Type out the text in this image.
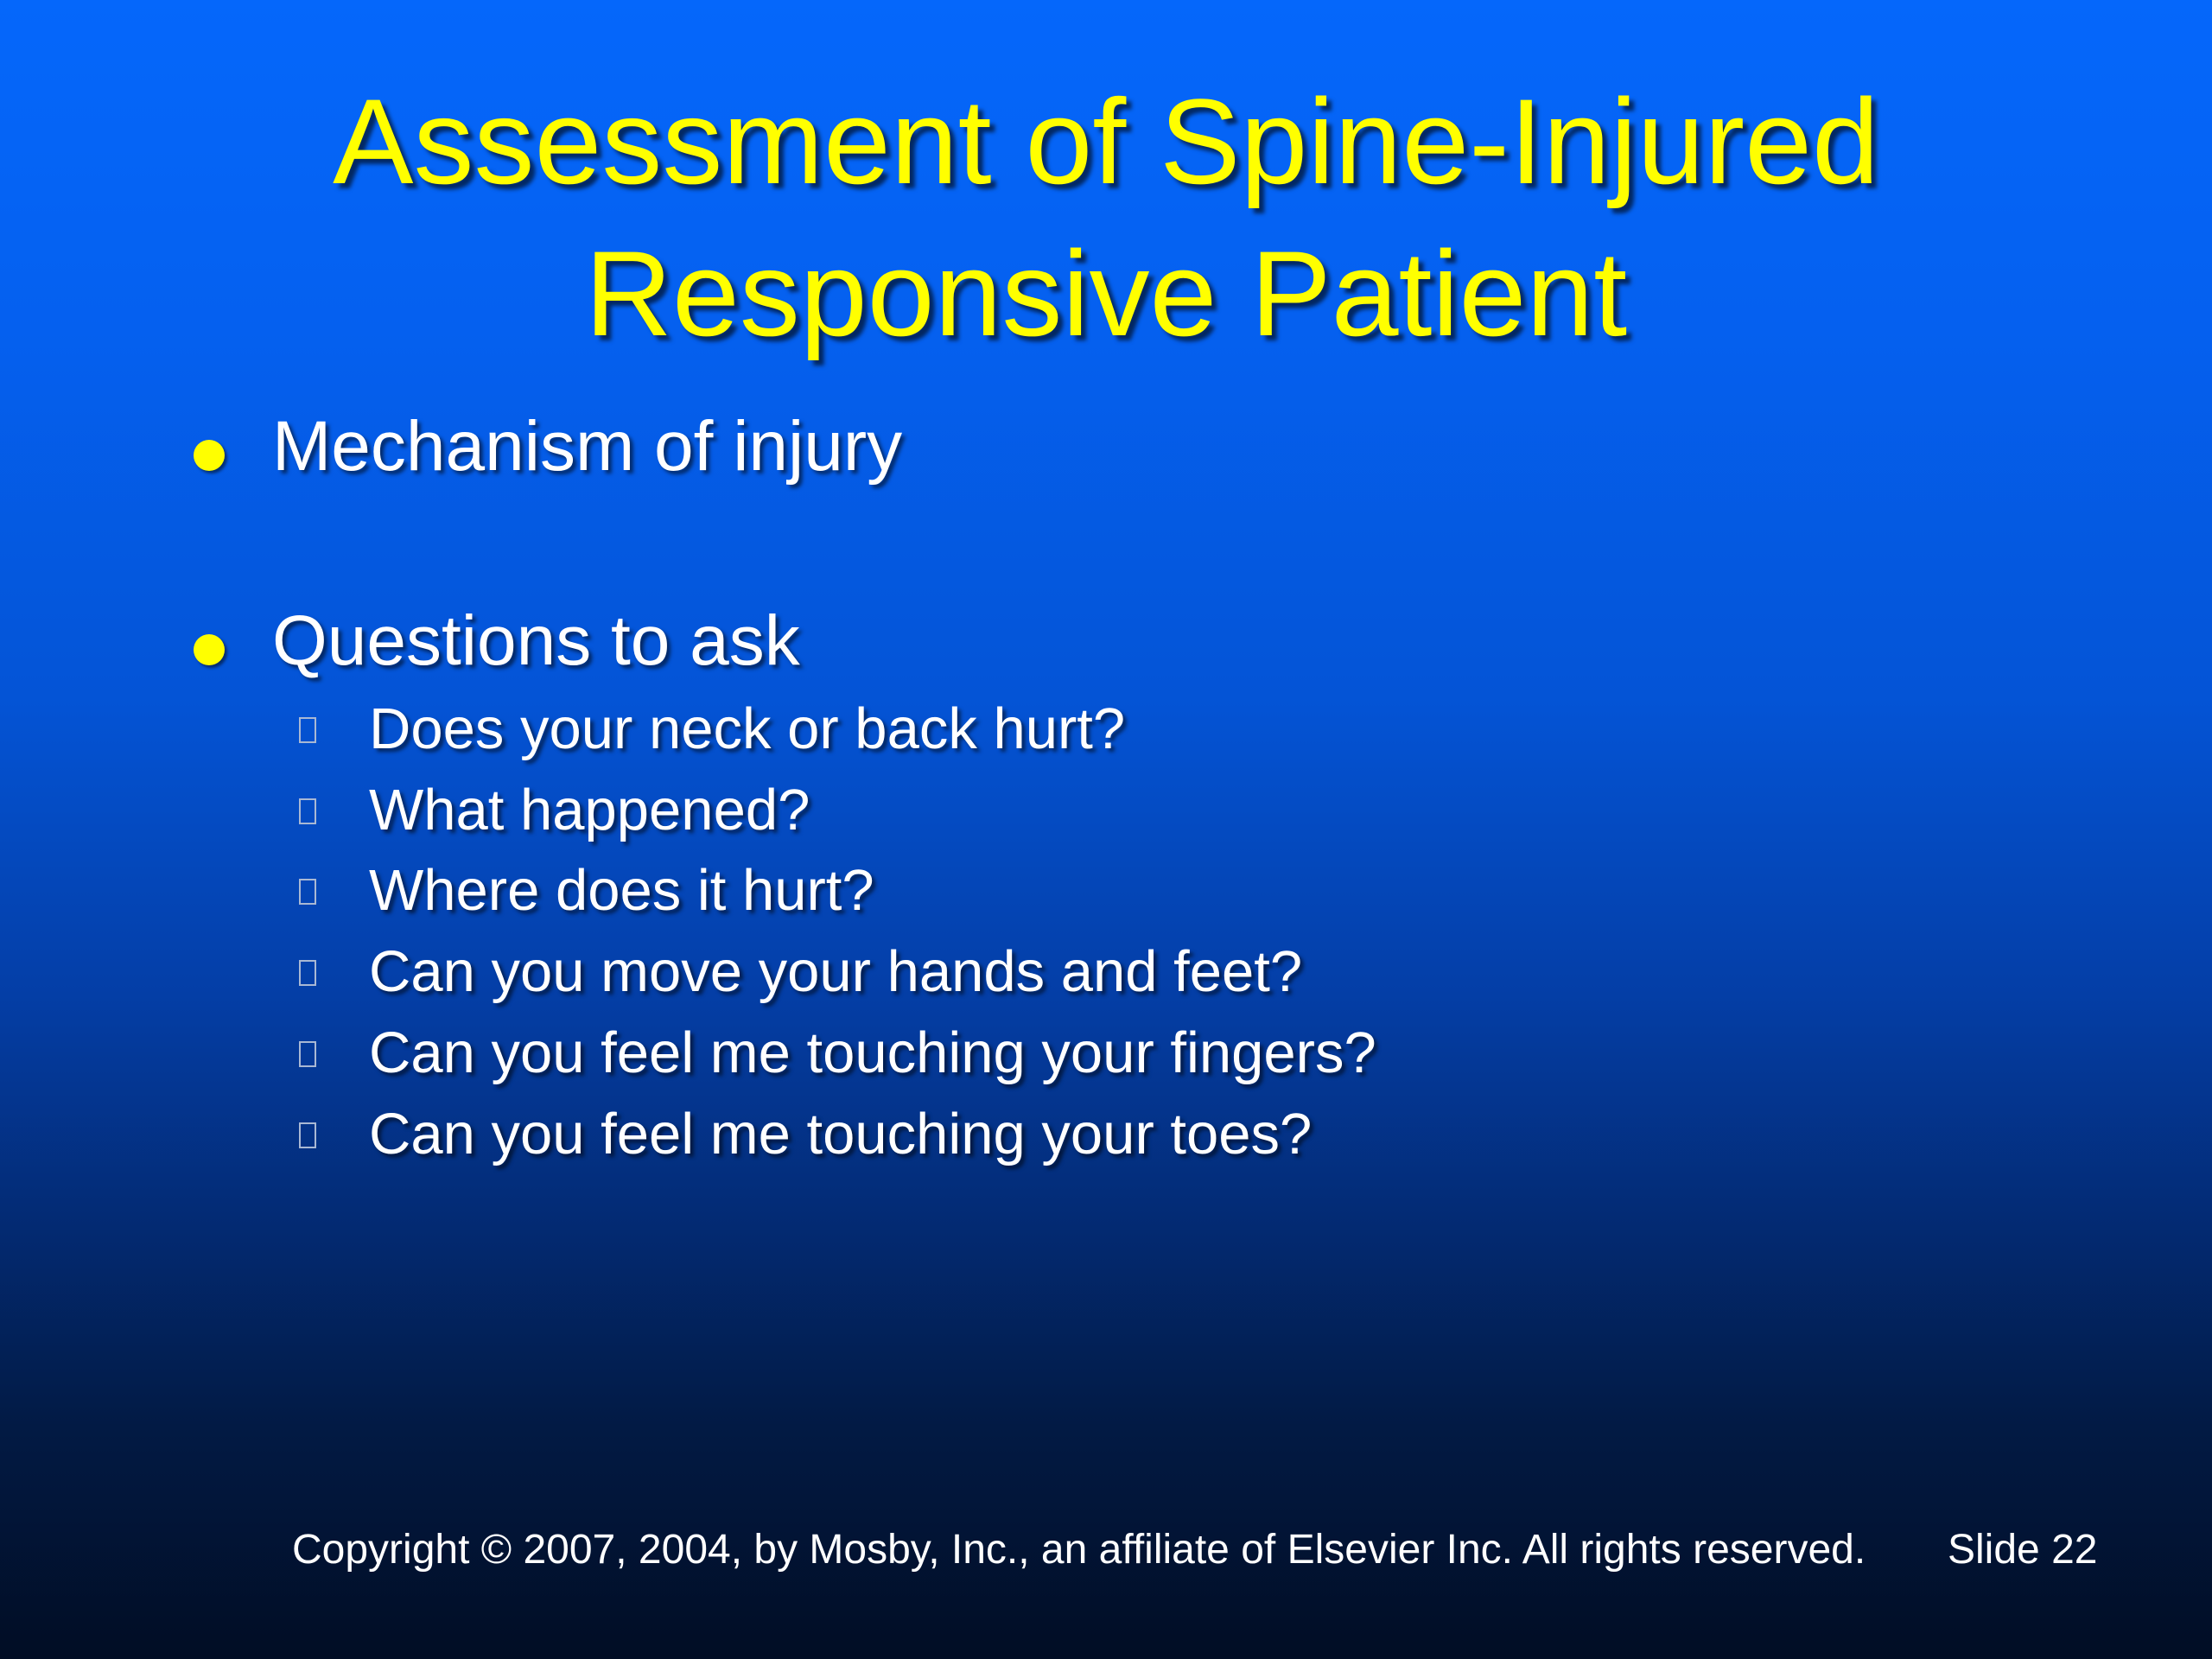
Assessment of Spine-Injured
Responsive Patient
Mechanism of injury
Questions to ask
Does your neck or back hurt?
What happened?
Where does it hurt?
Can you move your hands and feet?
Can you feel me touching your fingers?
Can you feel me touching your toes?
Copyright © 2007, 2004, by Mosby, Inc., an affiliate of Elsevier Inc. All rights reserved. Slide 22
